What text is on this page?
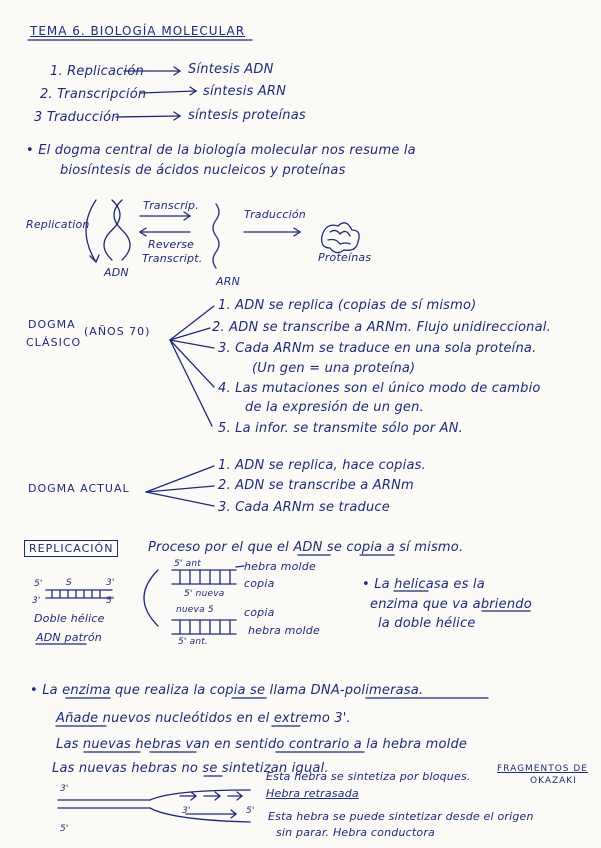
TEMA 6. BIOLOGÍA MOLECULAR
1. Replicación	Síntesis ADN
2. Transcripción	síntesis ARN
3 Traducción	síntesis proteínas
• El dogma central de la biología molecular nos resume la
biosíntesis de ácidos nucleicos y proteínas
Replication
Transcrip.
Reverse
Transcript.
ADN
Traducción
ARN
Proteínas
DOGMA
CLÁSICO
(AÑOS 70)
1. ADN se replica (copias de sí mismo)
2. ADN se transcribe a ARNm. Flujo unidireccional.
3. Cada ARNm se traduce en una sola proteína.
(Un gen = una proteína)
4. Las mutaciones son el único modo de cambio
de la expresión de un gen.
5. La infor. se transmite sólo por AN.
DOGMA ACTUAL
1. ADN se replica, hace copias.
2. ADN se transcribe a ARNm
3. Cada ARNm se traduce
REPLICACIÓN	Proceso por el que el ADN se copia a sí mismo.
5'
3'
S	3'
5'
Doble hélice
ADN patrón
5' ant
5' nueva
hebra molde
copia
nueva 5	copia
5' ant.
hebra molde
• La helicasa es la
enzima que va abriendo
la doble hélice
• La enzima que realiza la copia se llama DNA-polimerasa.
Añade nuevos nucleótidos en el extremo 3'.
Las nuevas hebras van en sentido contrario a la hebra molde
Las nuevas hebras no se sintetizan igual.
Esta hebra se sintetiza por bloques.
FRAGMENTOS DE
OKAZAKI
Hebra retrasada
3'
5'
3'	5' Esta hebra se puede sintetizar desde el origen
sin parar. Hebra conductora
